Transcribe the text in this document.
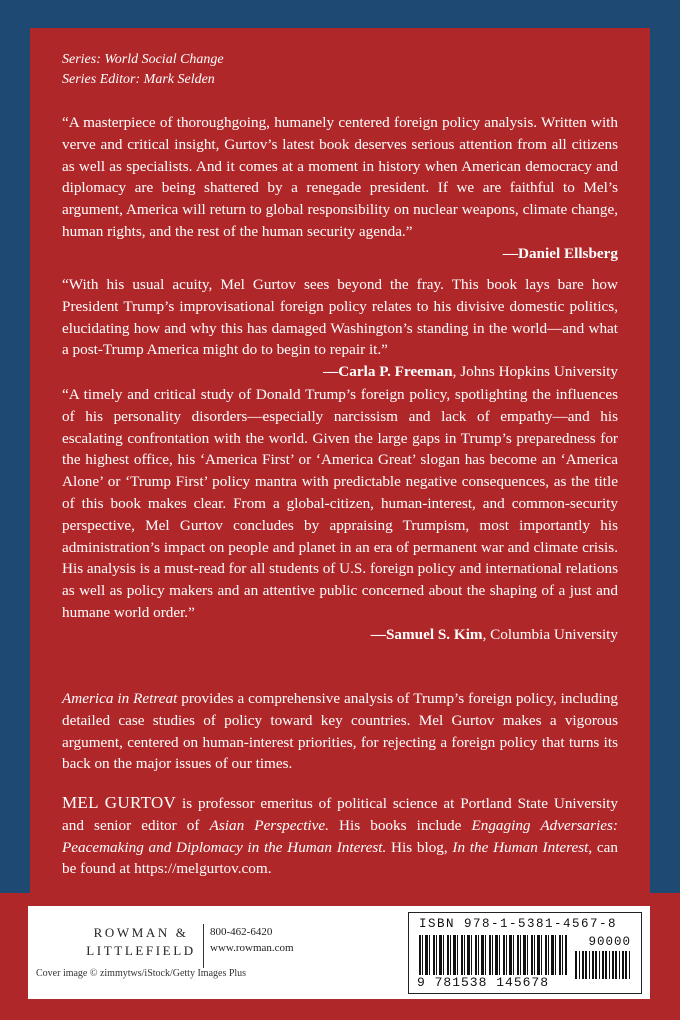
Series: World Social Change
Series Editor: Mark Selden
“A masterpiece of thoroughgoing, humanely centered foreign policy analysis. Written with verve and critical insight, Gurtov’s latest book deserves serious attention from all citizens as well as specialists. And it comes at a moment in history when American democracy and diplomacy are being shattered by a renegade president. If we are faithful to Mel’s argument, America will return to global responsibility on nuclear weapons, climate change, human rights, and the rest of the human security agenda.”
—Daniel Ellsberg
“With his usual acuity, Mel Gurtov sees beyond the fray. This book lays bare how President Trump’s improvisational foreign policy relates to his divisive domestic politics, elucidating how and why this has damaged Washington’s standing in the world—and what a post-Trump America might do to begin to repair it.”
—Carla P. Freeman, Johns Hopkins University
“A timely and critical study of Donald Trump’s foreign policy, spotlighting the influences of his personality disorders—especially narcissism and lack of empathy—and his escalating confrontation with the world. Given the large gaps in Trump’s preparedness for the highest office, his ‘America First’ or ‘America Great’ slogan has become an ‘America Alone’ or ‘Trump First’ policy mantra with predictable negative consequences, as the title of this book makes clear. From a global-citizen, human-interest, and common-security perspective, Mel Gurtov concludes by appraising Trumpism, most importantly his administration’s impact on people and planet in an era of permanent war and climate crisis. His analysis is a must-read for all students of U.S. foreign policy and international relations as well as policy makers and an attentive public concerned about the shaping of a just and humane world order.”
—Samuel S. Kim, Columbia University
America in Retreat provides a comprehensive analysis of Trump’s foreign policy, including detailed case studies of policy toward key countries. Mel Gurtov makes a vigorous argument, centered on human-interest priorities, for rejecting a foreign policy that turns its back on the major issues of our times.
MEL GURTOV is professor emeritus of political science at Portland State University and senior editor of Asian Perspective. His books include Engaging Adversaries: Peacemaking and Diplomacy in the Human Interest. His blog, In the Human Interest, can be found at https://melgurtov.com.
ROWMAN &
LITTLEFIELD
800-462-6420
www.rowman.com
Cover image © zimmytws/iStock/Getty Images Plus
ISBN 978-1-5381-4567-8
90000
9 781538 145678
